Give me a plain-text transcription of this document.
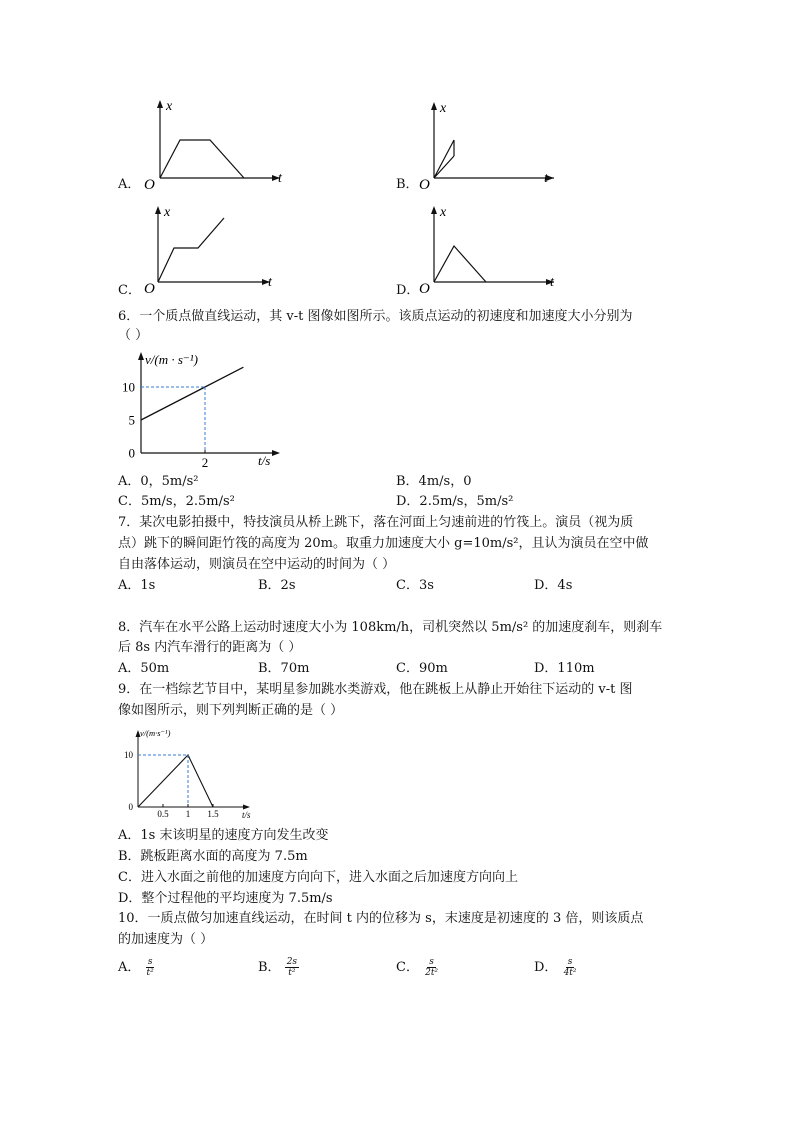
A．
x
t
O	B．
x
t
O
C．
x
t
O	D．
x
t
O
6．一个质点做直线运动，其 v-t 图像如图所示。该质点运动的初速度和加速度大小分别为
（ ）
0
5
10
2
v/(m · s⁻¹)
t/s
A．0，5m/s²	B．4m/s，0
C．5m/s，2.5m/s²	D．2.5m/s，5m/s²
7．某次电影拍摄中，特技演员从桥上跳下，落在河面上匀速前进的竹筏上。演员（视为质
点）跳下的瞬间距竹筏的高度为 20m。取重力加速度大小 g=10m/s²，且认为演员在空中做
自由落体运动，则演员在空中运动的时间为（ ）
A．1s	B．2s	C．3s	D．4s
8．汽车在水平公路上运动时速度大小为 108km/h，司机突然以 5m/s² 的加速度刹车，则刹车
后 8s 内汽车滑行的距离为（ ）
A．50m	B．70m	C．90m	D．110m
9．在一档综艺节目中，某明星参加跳水类游戏，他在跳板上从静止开始往下运动的 v-t 图
像如图所示，则下列判断正确的是（ ）
0
10
0.5 1 1.5
v/(m·s⁻¹)
t/s
A．1s 末该明星的速度方向发生改变
B．跳板距离水面的高度为 7.5m
C．进入水面之前他的加速度方向向下，进入水面之后加速度方向向上
D．整个过程他的平均速度为 7.5m/s
10．一质点做匀加速直线运动，在时间 t 内的位移为 s，末速度是初速度的 3 倍，则该质点
的加速度为（ ）
A． $\frac{s}{\text{t²}}$	B． $\frac{2s}{\text{t²}}$	C． $\frac{s}{\text{2t²}}$	D． $\frac{s}{\text{4t²}}$
